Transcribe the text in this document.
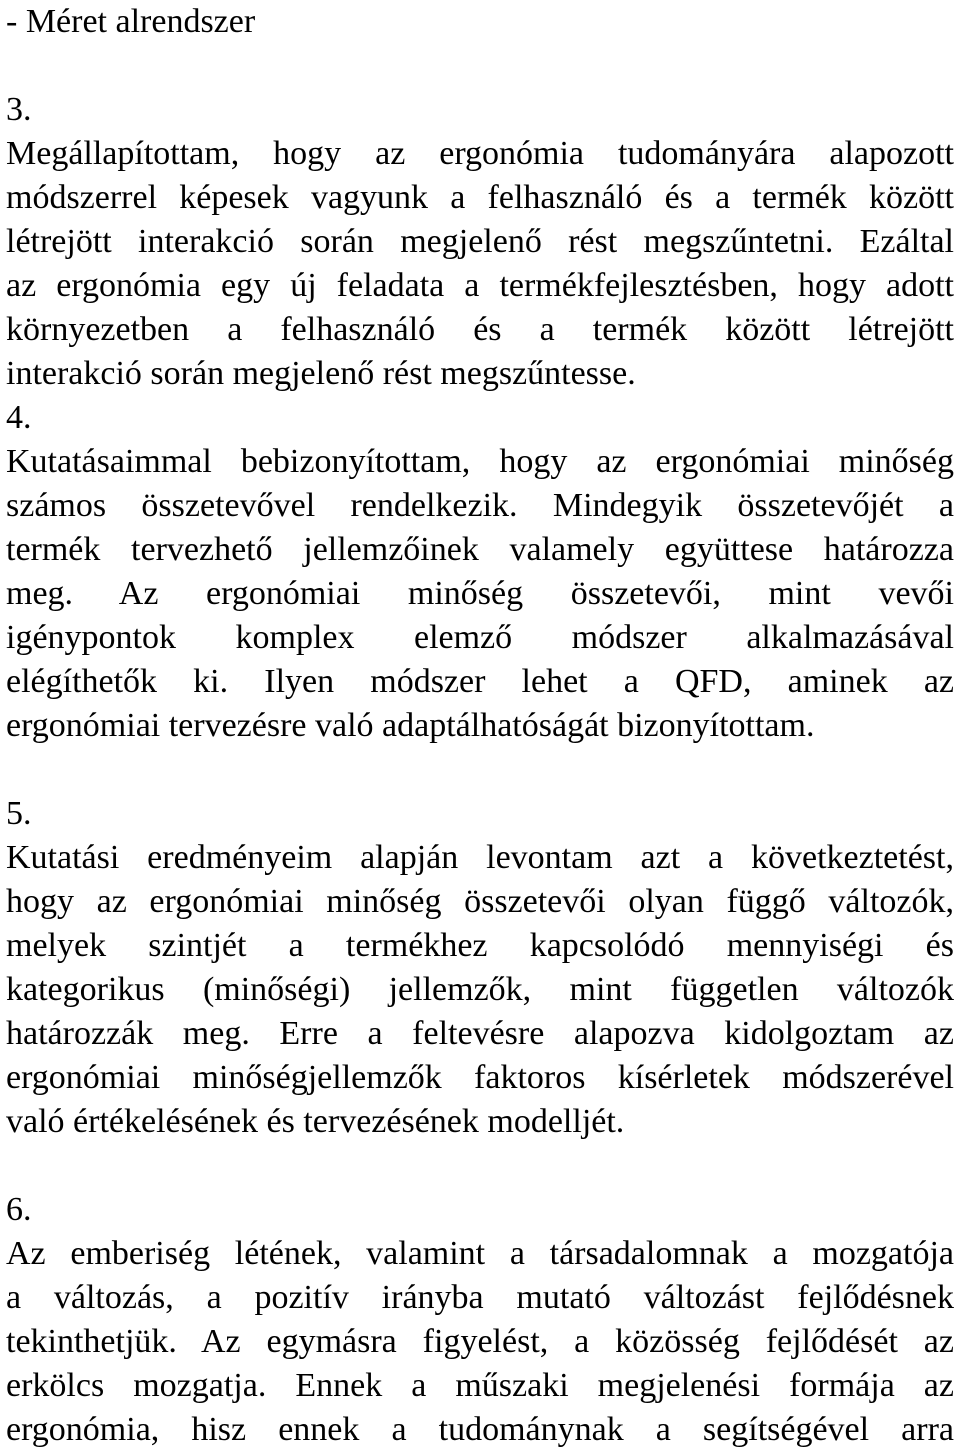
- Méret alrendszer
3.
Megállapítottam, hogy az ergonómia tudományára alapozott
módszerrel képesek vagyunk a felhasználó és a termék között
létrejött interakció során megjelenő rést megszűntetni. Ezáltal
az ergonómia egy új feladata a termékfejlesztésben, hogy adott
környezetben a felhasználó és a termék között létrejött
interakció során megjelenő rést megszűntesse.
4.
Kutatásaimmal bebizonyítottam, hogy az ergonómiai minőség
számos összetevővel rendelkezik. Mindegyik összetevőjét a
termék tervezhető jellemzőinek valamely együttese határozza
meg. Az ergonómiai minőség összetevői, mint vevői
igénypontok komplex elemző módszer alkalmazásával
elégíthetők ki. Ilyen módszer lehet a QFD, aminek az
ergonómiai tervezésre való adaptálhatóságát bizonyítottam.
5.
Kutatási eredményeim alapján levontam azt a következtetést,
hogy az ergonómiai minőség összetevői olyan függő változók,
melyek szintjét a termékhez kapcsolódó mennyiségi és
kategorikus (minőségi) jellemzők, mint független változók
határozzák meg. Erre a feltevésre alapozva kidolgoztam az
ergonómiai minőségjellemzők faktoros kísérletek módszerével
való értékelésének és tervezésének modelljét.
6.
Az emberiség létének, valamint a társadalomnak a mozgatója
a változás, a pozitív irányba mutató változást fejlődésnek
tekinthetjük. Az egymásra figyelést, a közösség fejlődését az
erkölcs mozgatja. Ennek a műszaki megjelenési formája az
ergonómia, hisz ennek a tudománynak a segítségével arra
